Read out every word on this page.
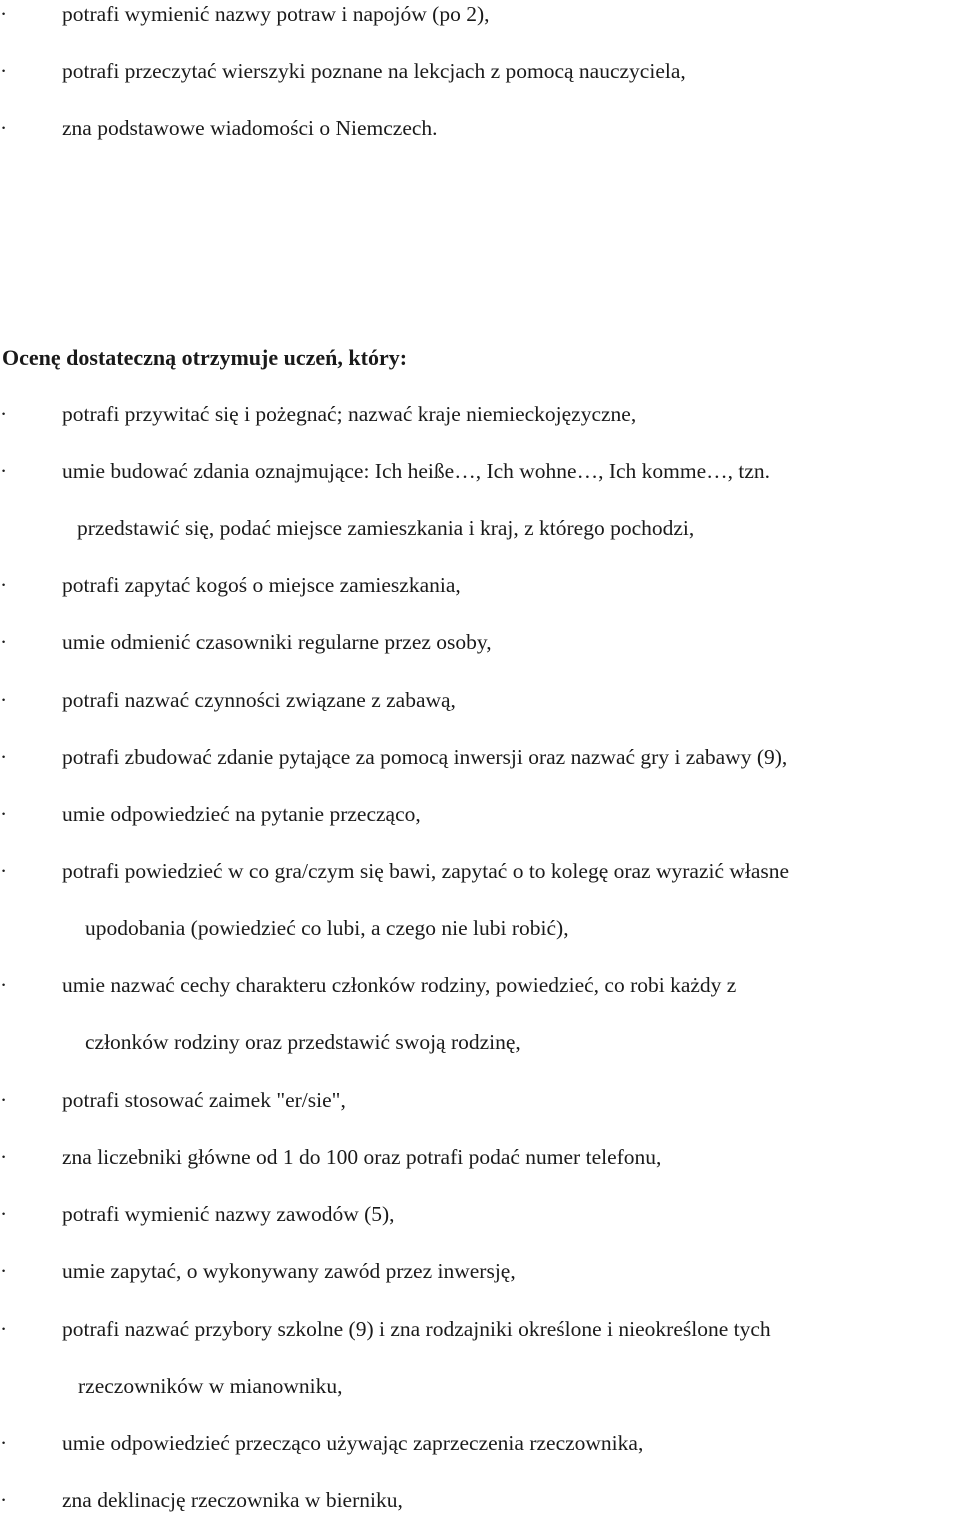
·	potrafi wymienić nazwy potraw i napojów (po 2),
·	potrafi przeczytać wierszyki poznane na lekcjach z pomocą nauczyciela,
·	zna podstawowe wiadomości o Niemczech.
Ocenę dostateczną otrzymuje uczeń, który:
·	potrafi przywitać się i pożegnać; nazwać kraje niemieckojęzyczne,
·	umie budować zdania oznajmujące: Ich heiße…, Ich wohne…, Ich komme…, tzn.
przedstawić się, podać miejsce zamieszkania i kraj, z którego pochodzi,
·	potrafi zapytać kogoś o miejsce zamieszkania,
·	umie odmienić czasowniki regularne przez osoby,
·	potrafi nazwać czynności związane z zabawą,
·	potrafi zbudować zdanie pytające za pomocą inwersji oraz nazwać gry i zabawy (9),
·	umie odpowiedzieć na pytanie przecząco,
·	potrafi powiedzieć w co gra/czym się bawi, zapytać o to kolegę oraz wyrazić własne
upodobania (powiedzieć co lubi, a czego nie lubi robić),
·	umie nazwać cechy charakteru członków rodziny, powiedzieć, co robi każdy z
członków rodziny oraz przedstawić swoją rodzinę,
·	potrafi stosować zaimek "er/sie",
·	zna liczebniki główne od 1 do 100 oraz potrafi podać numer telefonu,
·	potrafi wymienić nazwy zawodów (5),
·	umie zapytać, o wykonywany zawód przez inwersję,
·	potrafi nazwać przybory szkolne (9) i zna rodzajniki określone i nieokreślone tych
rzeczowników w mianowniku,
·	umie odpowiedzieć przecząco używając zaprzeczenia rzeczownika,
·	zna deklinację rzeczownika w bierniku,
